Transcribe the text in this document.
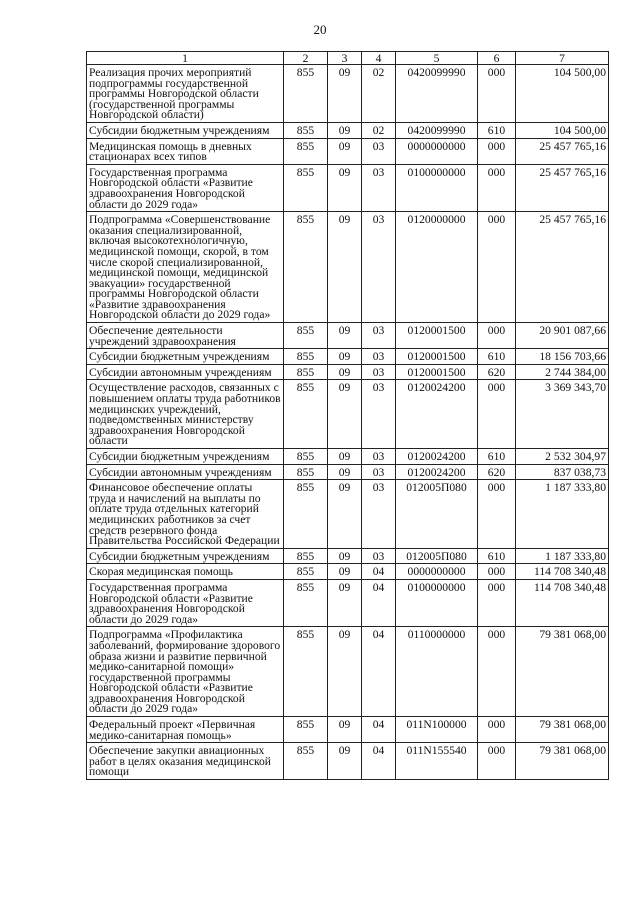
20
1	2	3	4	5	6	7
Реализация прочих мероприятий подпрограммы государственной программы Новгородской области (государственной программы Новгородской области)	855	09	02	0420099990	000	104 500,00
Субсидии бюджетным учреждениям	855	09	02	0420099990	610	104 500,00
Медицинская помощь в дневных стационарах всех типов	855	09	03	0000000000	000	25 457 765,16
Государственная программа Новгородской области «Развитие здравоохранения Новгородской области до 2029 года»	855	09	03	0100000000	000	25 457 765,16
Подпрограмма «Совершенствование оказания специализированной, включая высокотехнологичную, медицинской помощи, скорой, в том числе скорой специализированной, медицинской помощи, медицинской эвакуации» государственной программы Новгородской области «Развитие здравоохранения Новгородской области до 2029 года»	855	09	03	0120000000	000	25 457 765,16
Обеспечение деятельности учреждений здравоохранения	855	09	03	0120001500	000	20 901 087,66
Субсидии бюджетным учреждениям	855	09	03	0120001500	610	18 156 703,66
Субсидии автономным учреждениям	855	09	03	0120001500	620	2 744 384,00
Осуществление расходов, связанных с повышением оплаты труда работников медицинских учреждений, подведомственных министерству здравоохранения Новгородской области	855	09	03	0120024200	000	3 369 343,70
Субсидии бюджетным учреждениям	855	09	03	0120024200	610	2 532 304,97
Субсидии автономным учреждениям	855	09	03	0120024200	620	837 038,73
Финансовое обеспечение оплаты труда и начислений на выплаты по оплате труда отдельных категорий медицинских работников за счет средств резервного фонда Правительства Российской Федерации	855	09	03	012005П080	000	1 187 333,80
Субсидии бюджетным учреждениям	855	09	03	012005П080	610	1 187 333,80
Скорая медицинская помощь	855	09	04	0000000000	000	114 708 340,48
Государственная программа Новгородской области «Развитие здравоохранения Новгородской области до 2029 года»	855	09	04	0100000000	000	114 708 340,48
Подпрограмма «Профилактика заболеваний, формирование здорового образа жизни и развитие первичной медико-санитарной помощи» государственной программы Новгородской области «Развитие здравоохранения Новгородской области до 2029 года»	855	09	04	0110000000	000	79 381 068,00
Федеральный проект «Первичная медико-санитарная помощь»	855	09	04	011N100000	000	79 381 068,00
Обеспечение закупки авиационных работ в целях оказания медицинской помощи	855	09	04	011N155540	000	79 381 068,00
